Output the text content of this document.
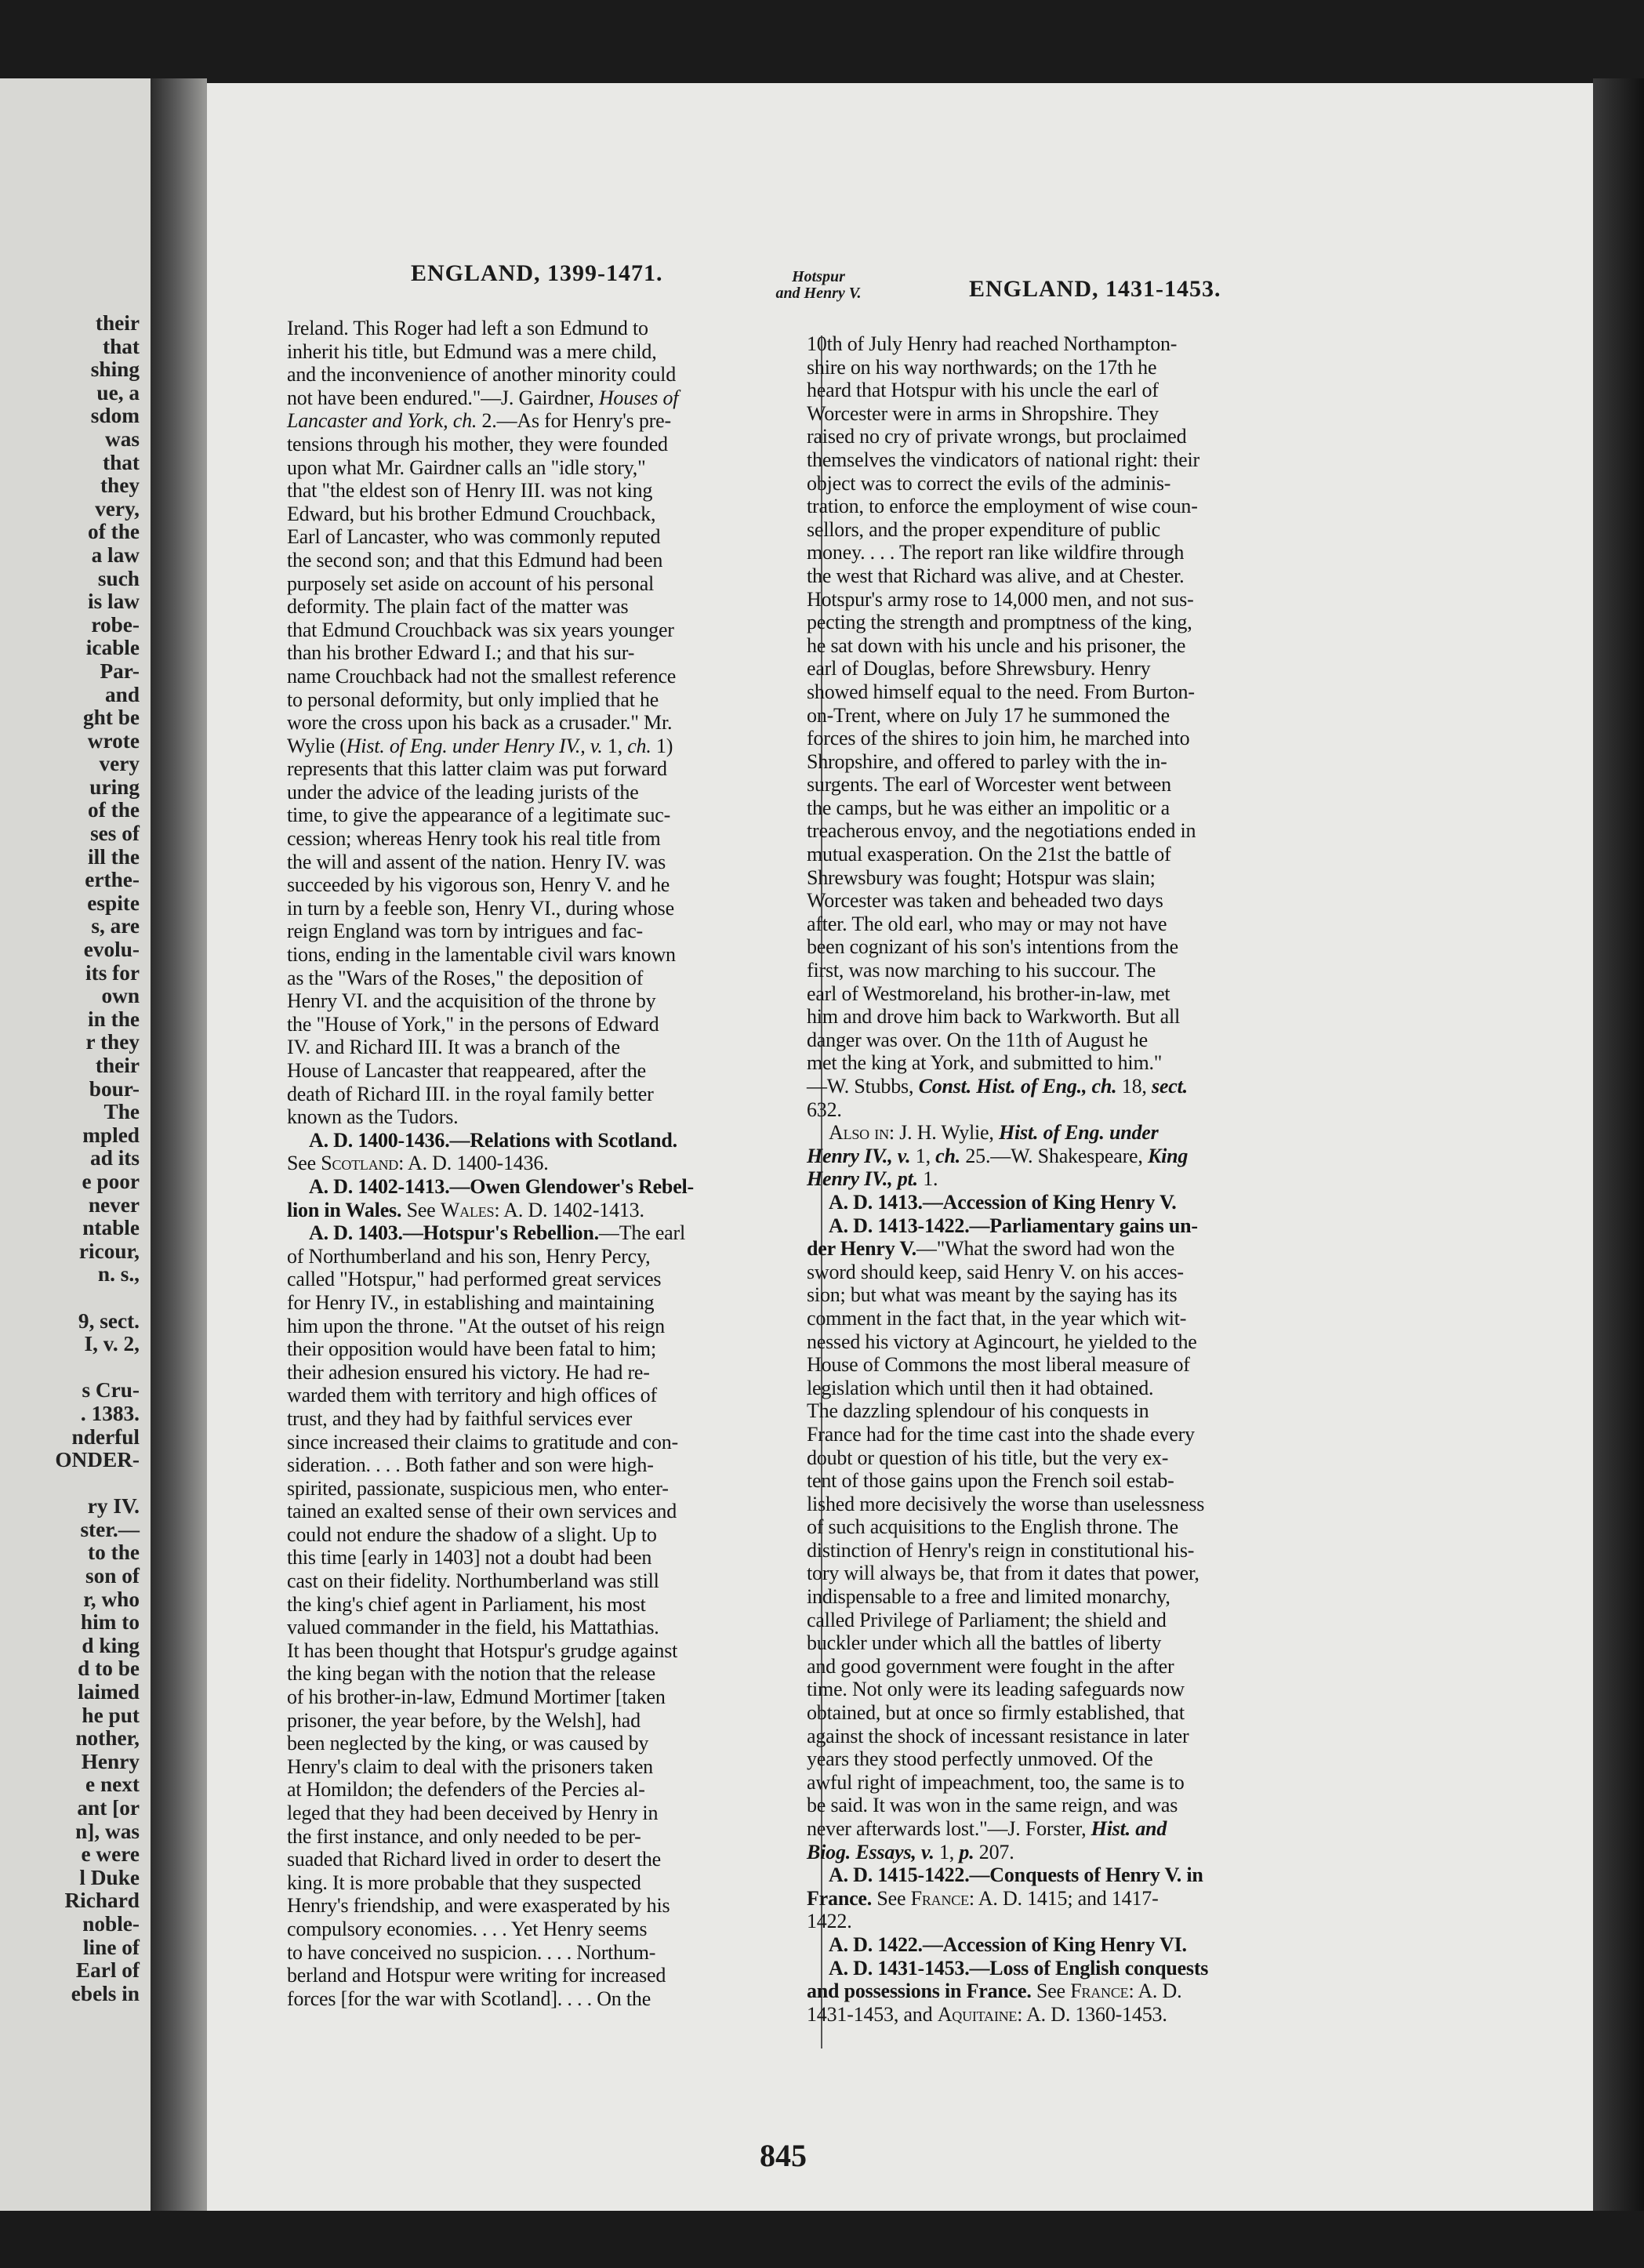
their
that
shing
ue, a
sdom
was
that
they
very,
of the
a law
such
is law
robe-
icable
Par-
and
ght be
wrote
very
uring
of the
ses of
ill the
erthe-
espite
s, are
evolu-
its for
own
in the
r they
their
bour-
The
mpled
ad its
e poor
never
ntable
ricour,
n. s.,
9, sect.
I, v. 2,
s Cru-
. 1383.
nderful
ONDER-
ry IV.
ster.—
to the
son of
r, who
him to
d king
d to be
laimed
he put
nother,
Henry
e next
ant [or
n], was
e were
l Duke
Richard
noble-
line of
Earl of
ebels in
ENGLAND, 1399-1471.	Hotspur
and Henry V.	ENGLAND, 1431-1453.
Ireland. This Roger had left a son Edmund to
inherit his title, but Edmund was a mere child,
and the inconvenience of another minority could
not have been endured."—J. Gairdner, Houses of
Lancaster and York, ch. 2.—As for Henry's pre-
tensions through his mother, they were founded
upon what Mr. Gairdner calls an "idle story,"
that "the eldest son of Henry III. was not king
Edward, but his brother Edmund Crouchback,
Earl of Lancaster, who was commonly reputed
the second son; and that this Edmund had been
purposely set aside on account of his personal
deformity. The plain fact of the matter was
that Edmund Crouchback was six years younger
than his brother Edward I.; and that his sur-
name Crouchback had not the smallest reference
to personal deformity, but only implied that he
wore the cross upon his back as a crusader." Mr.
Wylie (Hist. of Eng. under Henry IV., v. 1, ch. 1)
represents that this latter claim was put forward
under the advice of the leading jurists of the
time, to give the appearance of a legitimate suc-
cession; whereas Henry took his real title from
the will and assent of the nation. Henry IV. was
succeeded by his vigorous son, Henry V. and he
in turn by a feeble son, Henry VI., during whose
reign England was torn by intrigues and fac-
tions, ending in the lamentable civil wars known
as the "Wars of the Roses," the deposition of
Henry VI. and the acquisition of the throne by
the "House of York," in the persons of Edward
IV. and Richard III. It was a branch of the
House of Lancaster that reappeared, after the
death of Richard III. in the royal family better
known as the Tudors.
A. D. 1400-1436.—Relations with Scotland.
See Scotland: A. D. 1400-1436.
A. D. 1402-1413.—Owen Glendower's Rebel-
lion in Wales. See Wales: A. D. 1402-1413.
A. D. 1403.—Hotspur's Rebellion.—The earl
of Northumberland and his son, Henry Percy,
called "Hotspur," had performed great services
for Henry IV., in establishing and maintaining
him upon the throne. "At the outset of his reign
their opposition would have been fatal to him;
their adhesion ensured his victory. He had re-
warded them with territory and high offices of
trust, and they had by faithful services ever
since increased their claims to gratitude and con-
sideration. . . . Both father and son were high-
spirited, passionate, suspicious men, who enter-
tained an exalted sense of their own services and
could not endure the shadow of a slight. Up to
this time [early in 1403] not a doubt had been
cast on their fidelity. Northumberland was still
the king's chief agent in Parliament, his most
valued commander in the field, his Mattathias.
It has been thought that Hotspur's grudge against
the king began with the notion that the release
of his brother-in-law, Edmund Mortimer [taken
prisoner, the year before, by the Welsh], had
been neglected by the king, or was caused by
Henry's claim to deal with the prisoners taken
at Homildon; the defenders of the Percies al-
leged that they had been deceived by Henry in
the first instance, and only needed to be per-
suaded that Richard lived in order to desert the
king. It is more probable that they suspected
Henry's friendship, and were exasperated by his
compulsory economies. . . . Yet Henry seems
to have conceived no suspicion. . . . Northum-
berland and Hotspur were writing for increased
forces [for the war with Scotland]. . . . On the
10th of July Henry had reached Northampton-
shire on his way northwards; on the 17th he
heard that Hotspur with his uncle the earl of
Worcester were in arms in Shropshire. They
raised no cry of private wrongs, but proclaimed
themselves the vindicators of national right: their
object was to correct the evils of the adminis-
tration, to enforce the employment of wise coun-
sellors, and the proper expenditure of public
money. . . . The report ran like wildfire through
the west that Richard was alive, and at Chester.
Hotspur's army rose to 14,000 men, and not sus-
pecting the strength and promptness of the king,
he sat down with his uncle and his prisoner, the
earl of Douglas, before Shrewsbury. Henry
showed himself equal to the need. From Burton-
on-Trent, where on July 17 he summoned the
forces of the shires to join him, he marched into
Shropshire, and offered to parley with the in-
surgents. The earl of Worcester went between
the camps, but he was either an impolitic or a
treacherous envoy, and the negotiations ended in
mutual exasperation. On the 21st the battle of
Shrewsbury was fought; Hotspur was slain;
Worcester was taken and beheaded two days
after. The old earl, who may or may not have
been cognizant of his son's intentions from the
first, was now marching to his succour. The
earl of Westmoreland, his brother-in-law, met
him and drove him back to Warkworth. But all
danger was over. On the 11th of August he
met the king at York, and submitted to him."
—W. Stubbs, Const. Hist. of Eng., ch. 18, sect.
632.
Also in: J. H. Wylie, Hist. of Eng. under
Henry IV., v. 1, ch. 25.—W. Shakespeare, King
Henry IV., pt. 1.
A. D. 1413.—Accession of King Henry V.
A. D. 1413-1422.—Parliamentary gains un-
der Henry V.—"What the sword had won the
sword should keep, said Henry V. on his acces-
sion; but what was meant by the saying has its
comment in the fact that, in the year which wit-
nessed his victory at Agincourt, he yielded to the
House of Commons the most liberal measure of
legislation which until then it had obtained.
The dazzling splendour of his conquests in
France had for the time cast into the shade every
doubt or question of his title, but the very ex-
tent of those gains upon the French soil estab-
lished more decisively the worse than uselessness
of such acquisitions to the English throne. The
distinction of Henry's reign in constitutional his-
tory will always be, that from it dates that power,
indispensable to a free and limited monarchy,
called Privilege of Parliament; the shield and
buckler under which all the battles of liberty
and good government were fought in the after
time. Not only were its leading safeguards now
obtained, but at once so firmly established, that
against the shock of incessant resistance in later
years they stood perfectly unmoved. Of the
awful right of impeachment, too, the same is to
be said. It was won in the same reign, and was
never afterwards lost."—J. Forster, Hist. and
Biog. Essays, v. 1, p. 207.
A. D. 1415-1422.—Conquests of Henry V. in
France. See France: A. D. 1415; and 1417-
1422.
A. D. 1422.—Accession of King Henry VI.
A. D. 1431-1453.—Loss of English conquests
and possessions in France. See France: A. D.
1431-1453, and Aquitaine: A. D. 1360-1453.
845
